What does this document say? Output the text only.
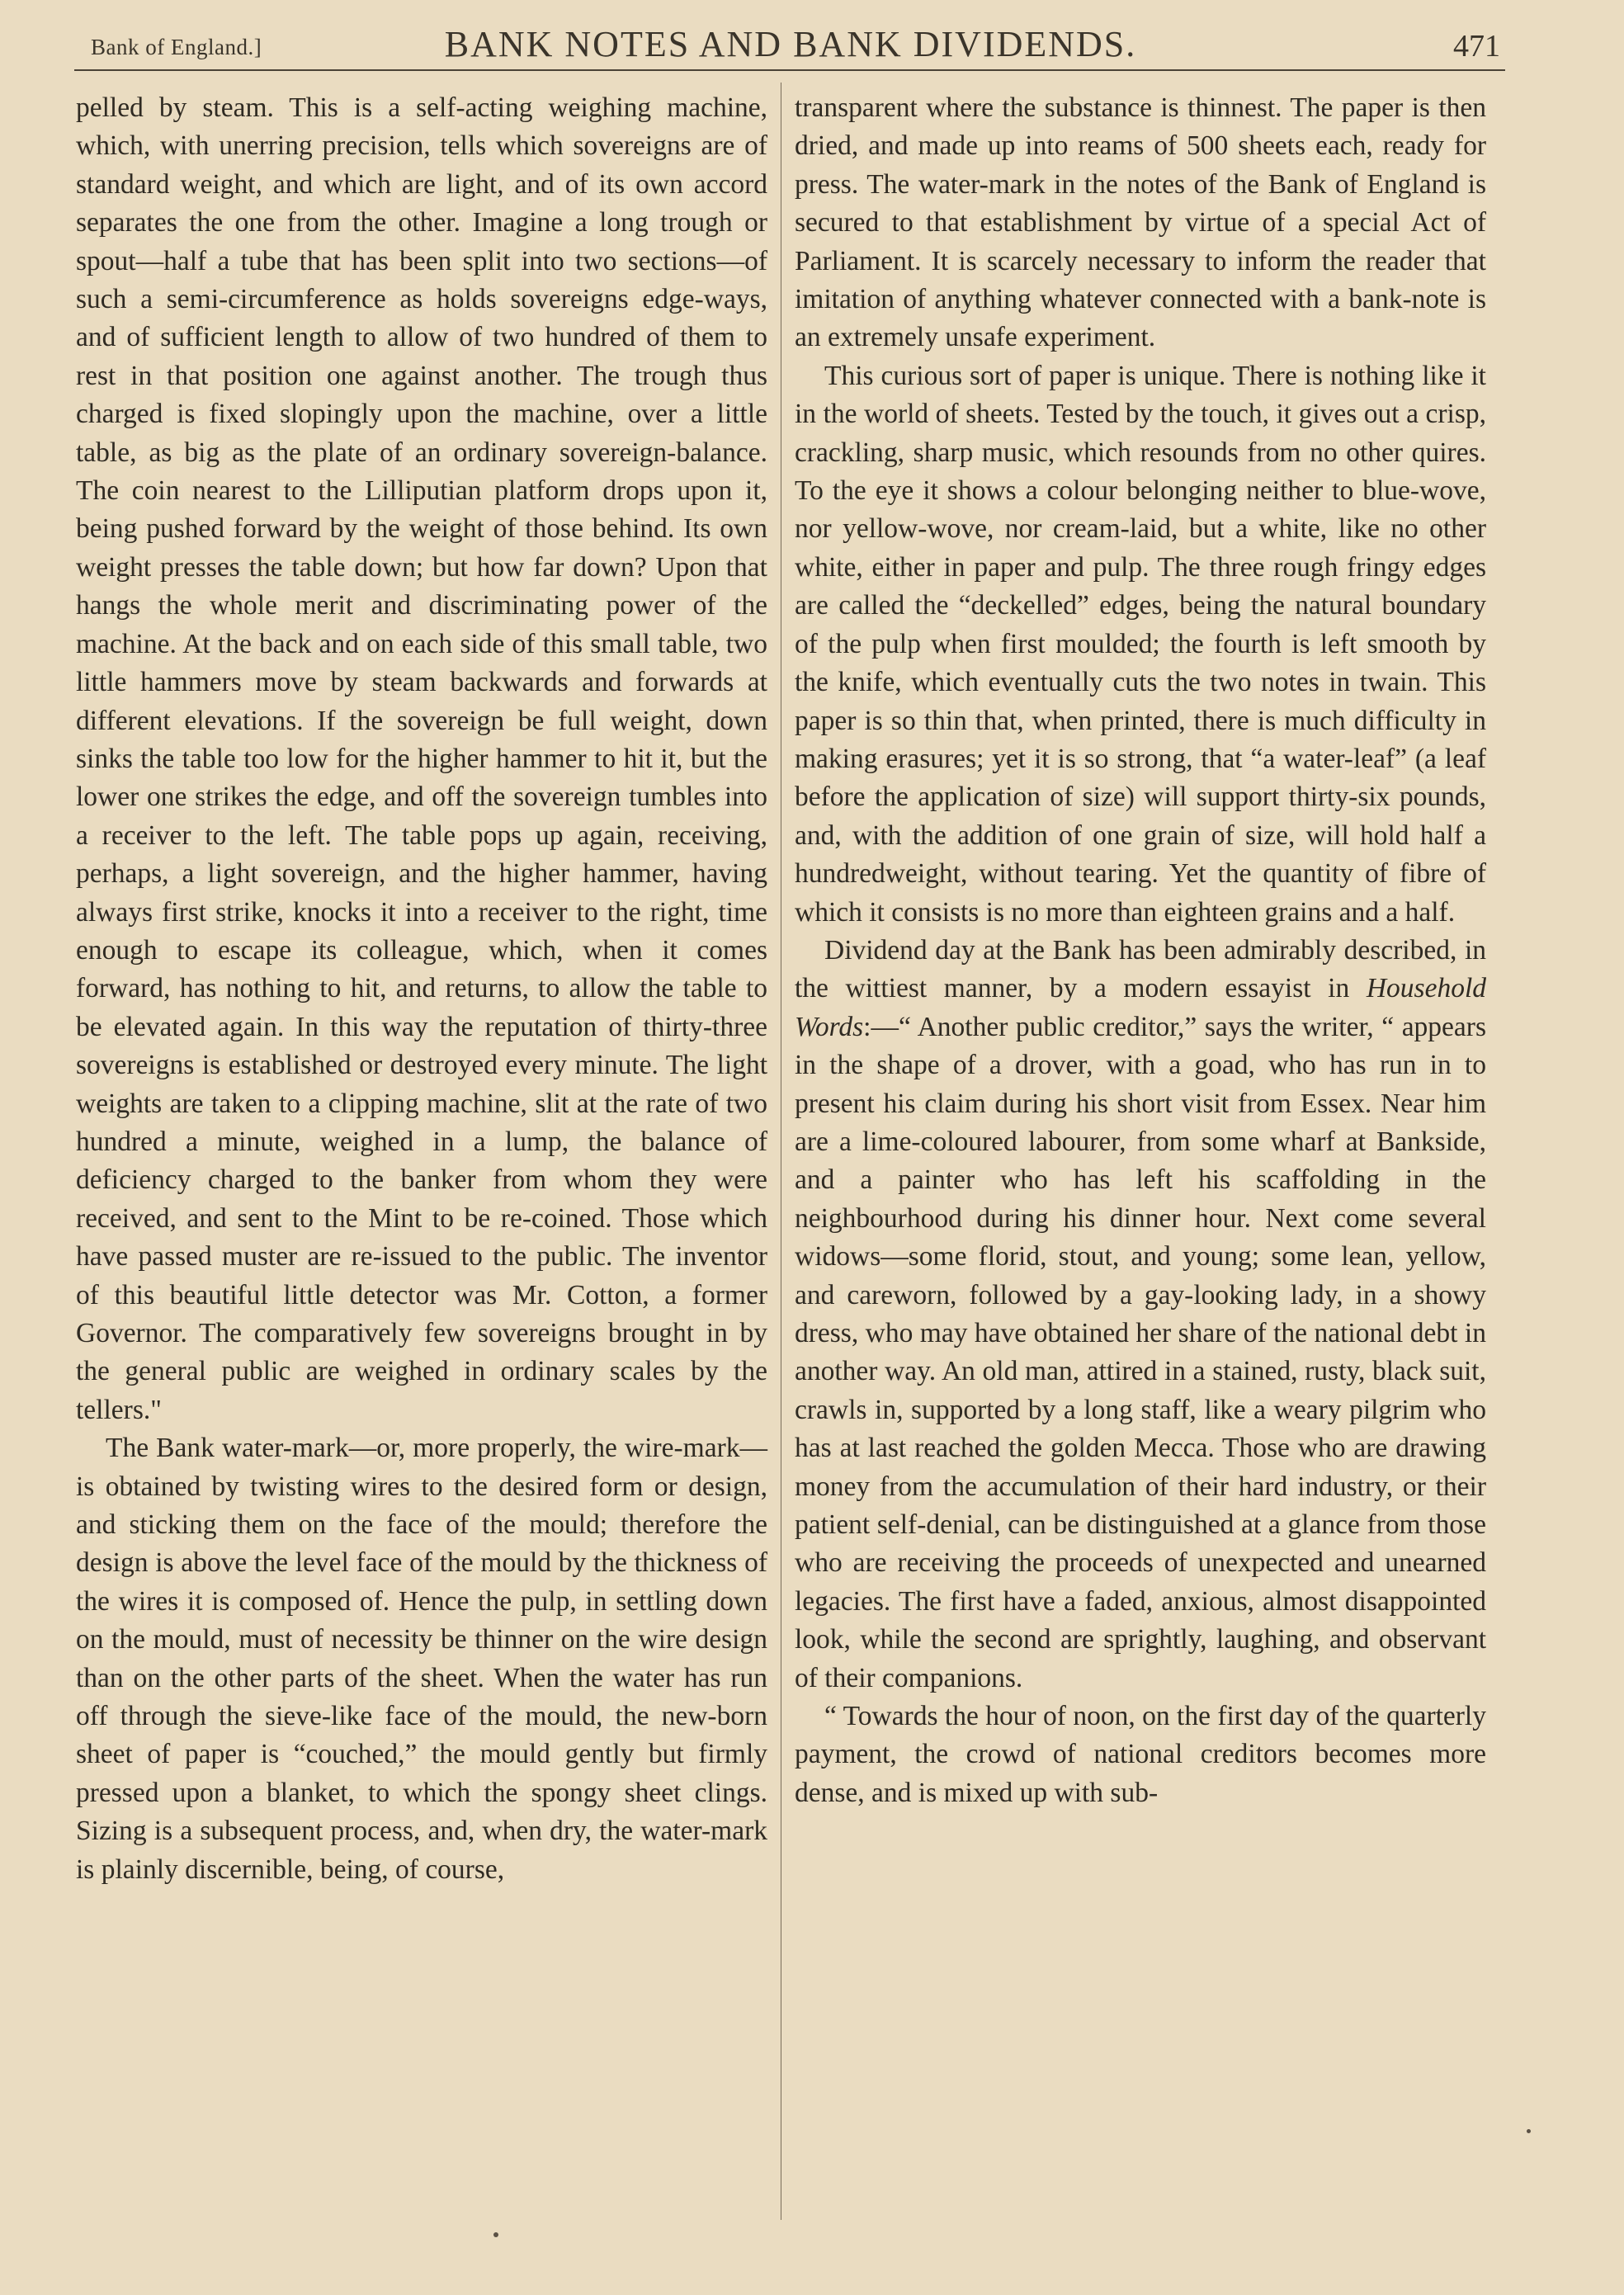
Bank of England.]	BANK NOTES AND BANK DIVIDENDS.	471

pelled by steam. This is a self-acting weighing machine, which, with unerring precision, tells which sovereigns are of standard weight, and which are light, and of its own accord separates the one from the other. Imagine a long trough or spout—half a tube that has been split into two sections—of such a semi-circumference as holds sovereigns edge-ways, and of sufficient length to allow of two hundred of them to rest in that position one against another. The trough thus charged is fixed slopingly upon the machine, over a little table, as big as the plate of an ordinary sovereign-balance. The coin nearest to the Lilliputian platform drops upon it, being pushed forward by the weight of those behind. Its own weight presses the table down; but how far down? Upon that hangs the whole merit and discriminating power of the machine. At the back and on each side of this small table, two little hammers move by steam backwards and forwards at different elevations. If the sovereign be full weight, down sinks the table too low for the higher hammer to hit it, but the lower one strikes the edge, and off the sovereign tumbles into a receiver to the left. The table pops up again, receiving, perhaps, a light sovereign, and the higher hammer, having always first strike, knocks it into a receiver to the right, time enough to escape its colleague, which, when it comes forward, has nothing to hit, and returns, to allow the table to be elevated again. In this way the reputation of thirty-three sovereigns is established or destroyed every minute. The light weights are taken to a clipping machine, slit at the rate of two hundred a minute, weighed in a lump, the balance of deficiency charged to the banker from whom they were received, and sent to the Mint to be re-coined. Those which have passed muster are re-issued to the public. The inventor of this beautiful little detector was Mr. Cotton, a former Governor. The comparatively few sovereigns brought in by the general public are weighed in ordinary scales by the tellers."

The Bank water-mark—or, more properly, the wire-mark—is obtained by twisting wires to the desired form or design, and sticking them on the face of the mould; therefore the design is above the level face of the mould by the thickness of the wires it is composed of. Hence the pulp, in settling down on the mould, must of necessity be thinner on the wire design than on the other parts of the sheet. When the water has run off through the sieve-like face of the mould, the new-born sheet of paper is “couched,” the mould gently but firmly pressed upon a blanket, to which the spongy sheet clings. Sizing is a subsequent process, and, when dry, the water-mark is plainly discernible, being, of course,

transparent where the substance is thinnest. The paper is then dried, and made up into reams of 500 sheets each, ready for press. The water-mark in the notes of the Bank of England is secured to that establishment by virtue of a special Act of Parliament. It is scarcely necessary to inform the reader that imitation of anything whatever connected with a bank-note is an extremely unsafe experiment.

This curious sort of paper is unique. There is nothing like it in the world of sheets. Tested by the touch, it gives out a crisp, crackling, sharp music, which resounds from no other quires. To the eye it shows a colour belonging neither to blue-wove, nor yellow-wove, nor cream-laid, but a white, like no other white, either in paper and pulp. The three rough fringy edges are called the “deckelled” edges, being the natural boundary of the pulp when first moulded; the fourth is left smooth by the knife, which eventually cuts the two notes in twain. This paper is so thin that, when printed, there is much difficulty in making erasures; yet it is so strong, that “a water-leaf” (a leaf before the application of size) will support thirty-six pounds, and, with the addition of one grain of size, will hold half a hundredweight, without tearing. Yet the quantity of fibre of which it consists is no more than eighteen grains and a half.

Dividend day at the Bank has been admirably described, in the wittiest manner, by a modern essayist in Household Words:—“ Another public creditor,” says the writer, “ appears in the shape of a drover, with a goad, who has run in to present his claim during his short visit from Essex. Near him are a lime-coloured labourer, from some wharf at Bankside, and a painter who has left his scaffolding in the neighbourhood during his dinner hour. Next come several widows—some florid, stout, and young; some lean, yellow, and careworn, followed by a gay-looking lady, in a showy dress, who may have obtained her share of the national debt in another way. An old man, attired in a stained, rusty, black suit, crawls in, supported by a long staff, like a weary pilgrim who has at last reached the golden Mecca. Those who are drawing money from the accumulation of their hard industry, or their patient self-denial, can be distinguished at a glance from those who are receiving the proceeds of unexpected and unearned legacies. The first have a faded, anxious, almost disappointed look, while the second are sprightly, laughing, and observant of their companions.

“ Towards the hour of noon, on the first day of the quarterly payment, the crowd of national creditors becomes more dense, and is mixed up with sub-
